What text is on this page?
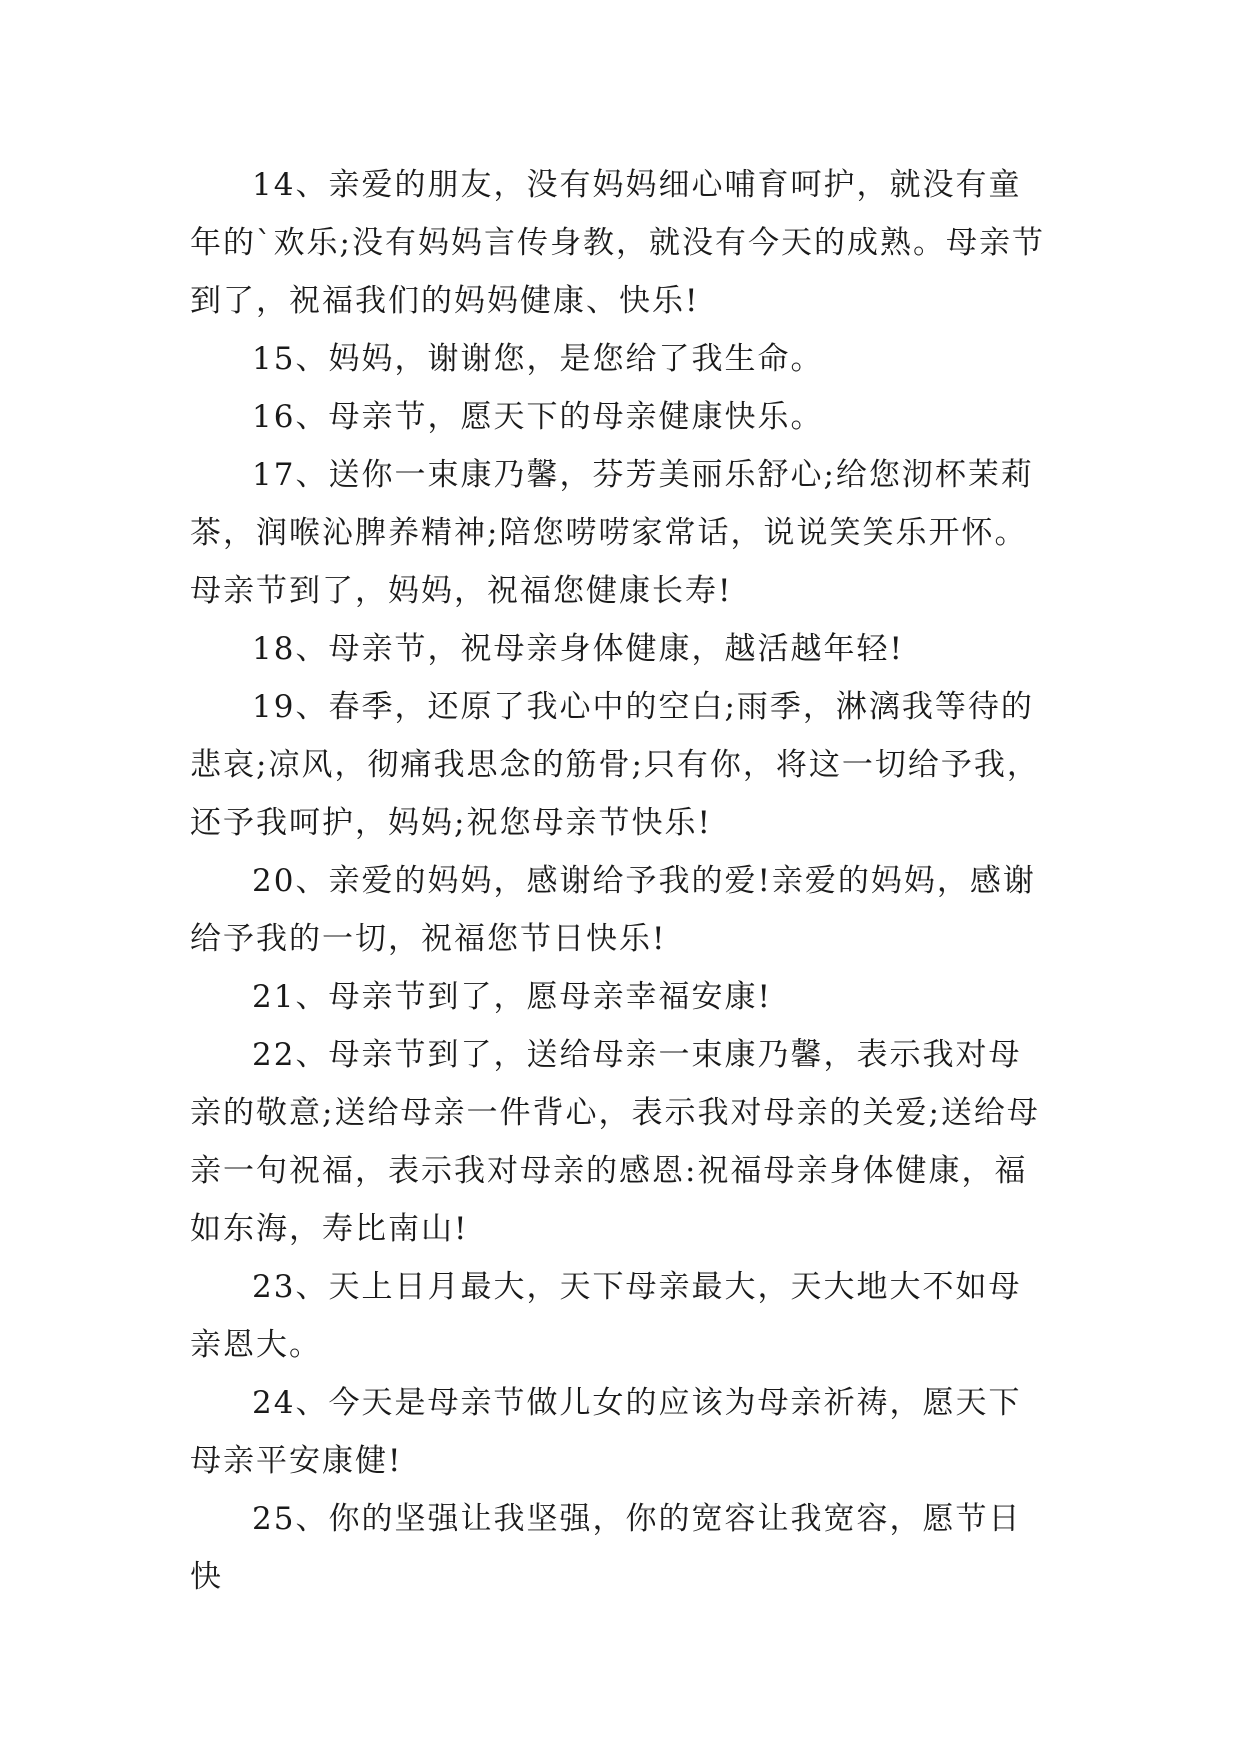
14、亲爱的朋友，没有妈妈细心哺育呵护，就没有童年的`欢乐;没有妈妈言传身教，就没有今天的成熟。母亲节到了，祝福我们的妈妈健康、快乐!

15、妈妈，谢谢您，是您给了我生命。

16、母亲节，愿天下的母亲健康快乐。

17、送你一束康乃馨，芬芳美丽乐舒心;给您沏杯茉莉茶，润喉沁脾养精神;陪您唠唠家常话，说说笑笑乐开怀。母亲节到了，妈妈，祝福您健康长寿!

18、母亲节，祝母亲身体健康，越活越年轻!

19、春季，还原了我心中的空白;雨季，淋漓我等待的悲哀;凉风，彻痛我思念的筋骨;只有你，将这一切给予我，还予我呵护，妈妈;祝您母亲节快乐!

20、亲爱的妈妈，感谢给予我的爱!亲爱的妈妈，感谢给予我的一切，祝福您节日快乐!

21、母亲节到了，愿母亲幸福安康!

22、母亲节到了，送给母亲一束康乃馨，表示我对母亲的敬意;送给母亲一件背心，表示我对母亲的关爱;送给母亲一句祝福，表示我对母亲的感恩:祝福母亲身体健康，福如东海，寿比南山!

23、天上日月最大，天下母亲最大，天大地大不如母亲恩大。

24、今天是母亲节做儿女的应该为母亲祈祷，愿天下母亲平安康健!

25、你的坚强让我坚强，你的宽容让我宽容，愿节日快
